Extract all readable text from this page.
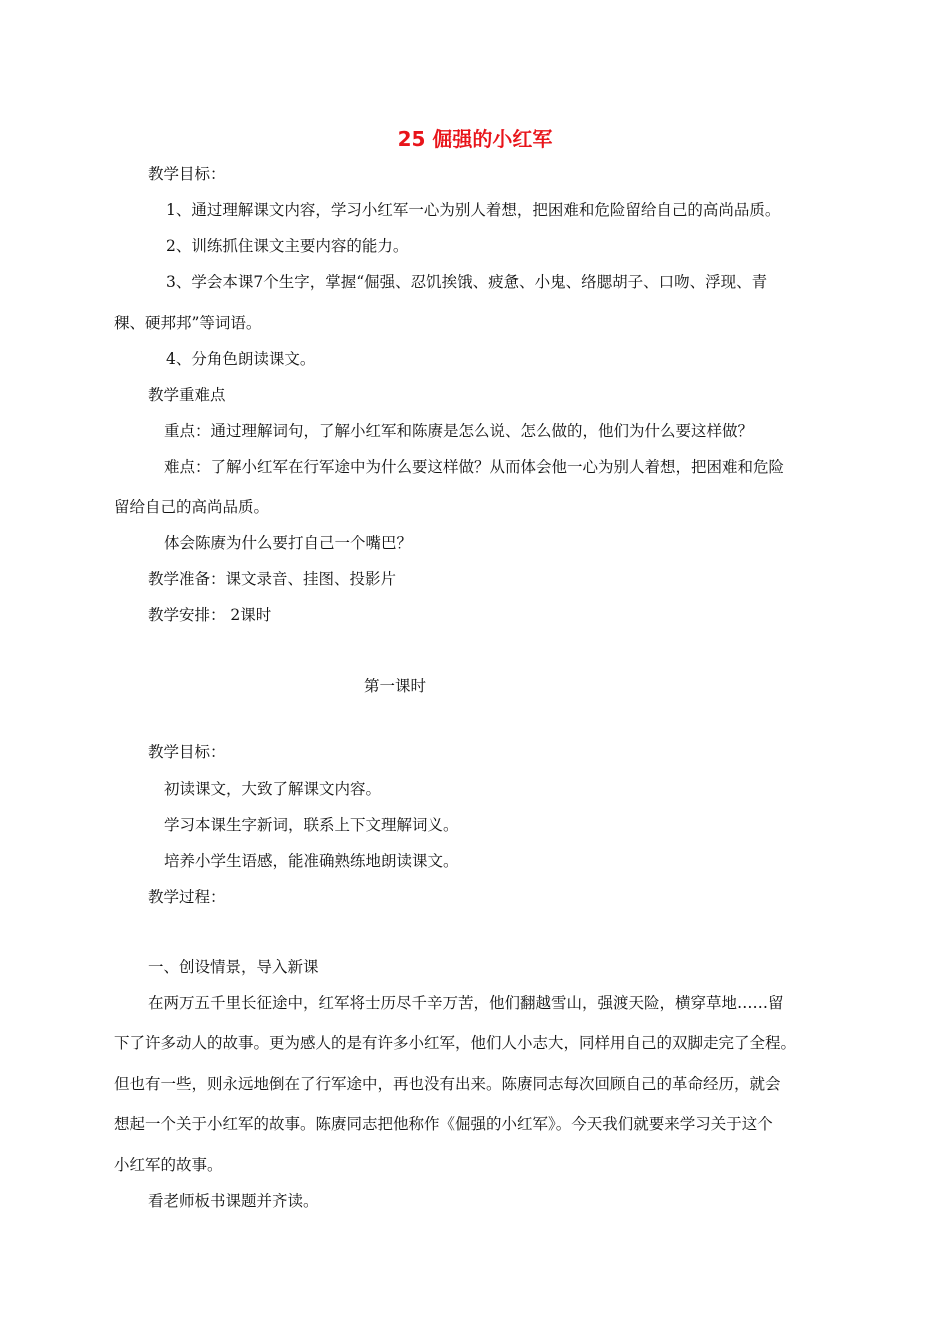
25 倔强的小红军

教学目标：

1、通过理解课文内容，学习小红军一心为别人着想，把困难和危险留给自己的高尚品质。

2、训练抓住课文主要内容的能力。

3、学会本课7个生字，掌握“倔强、忍饥挨饿、疲惫、小鬼、络腮胡子、口吻、浮现、青

稞、硬邦邦”等词语。

4、分角色朗读课文。

教学重难点

重点：通过理解词句，了解小红军和陈赓是怎么说、怎么做的，他们为什么要这样做？

难点：了解小红军在行军途中为什么要这样做？从而体会他一心为别人着想，把困难和危险

留给自己的高尚品质。

体会陈赓为什么要打自己一个嘴巴？

教学准备：课文录音、挂图、投影片

教学安排： 2课时

第一课时

教学目标：

初读课文，大致了解课文内容。

学习本课生字新词，联系上下文理解词义。

培养小学生语感，能准确熟练地朗读课文。

教学过程：

一、创设情景，导入新课

在两万五千里长征途中，红军将士历尽千辛万苦，他们翻越雪山，强渡天险，横穿草地……留

下了许多动人的故事。更为感人的是有许多小红军，他们人小志大，同样用自己的双脚走完了全程。

但也有一些，则永远地倒在了行军途中，再也没有出来。陈赓同志每次回顾自己的革命经历，就会

想起一个关于小红军的故事。陈赓同志把他称作《倔强的小红军》。今天我们就要来学习关于这个

小红军的故事。

看老师板书课题并齐读。
